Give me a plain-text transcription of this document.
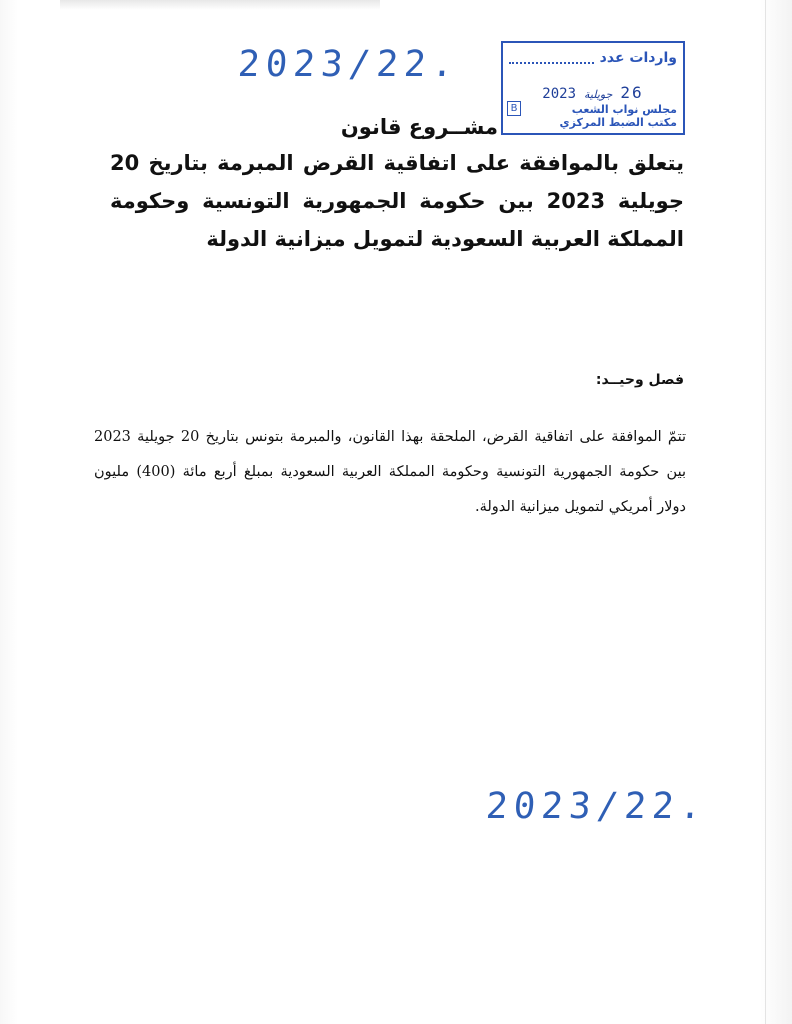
2023/22.	واردات عدد
2023 جويلية 26
B	مجلس نواب الشعب
مكتب الضبط المركزي
مشــروع قانون
يتعلق بالموافقة على اتفاقية القرض المبرمة بتاريخ 20 جويلية 2023 بين حكومة الجمهورية التونسية وحكومة المملكة العربية السعودية لتمويل ميزانية الدولة
فصل وحيــد:
تتمّ الموافقة على اتفاقية القرض، الملحقة بهذا القانون، والمبرمة بتونس بتاريخ 20 جويلية 2023 بين حكومة الجمهورية التونسية وحكومة المملكة العربية السعودية بمبلغ أربع مائة (400) مليون دولار أمريكي لتمويل ميزانية الدولة.
2023/22.
